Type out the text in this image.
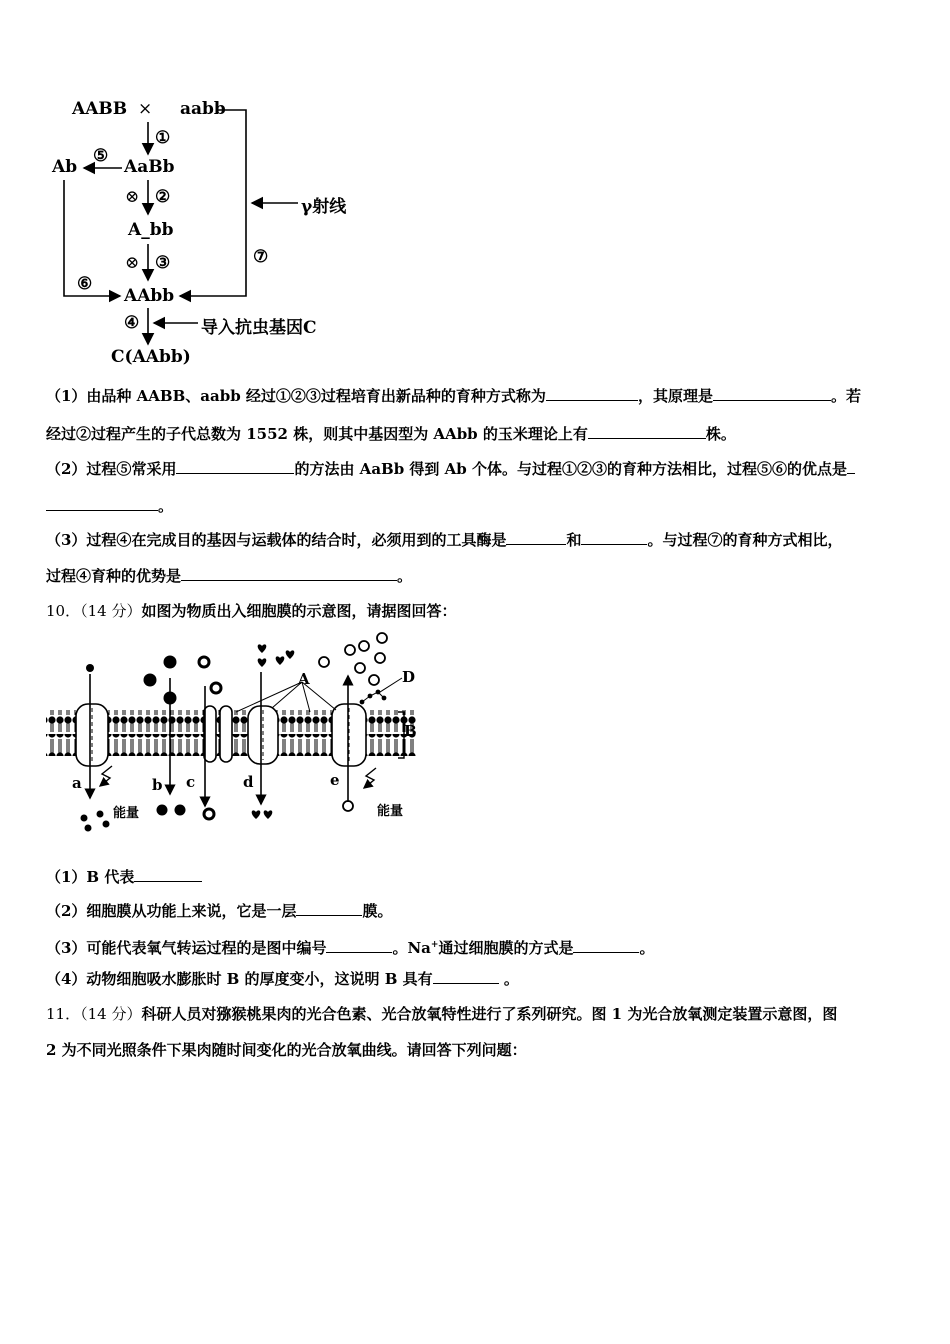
AABB × aabb
①
Ab
⑤
AaBb
⊗ ②	γ射线
A_bb
⊗ ③	⑦
⑥
AAbb
④	导入抗虫基因C
C(AAbb)
（1）由品种 AABB、aabb 经过①②③过程培育出新品种的育种方式称为	，其原理是	。若
经过②过程产生的子代总数为 1552 株，则其中基因型为 AAbb 的玉米理论上有	株。
（2）过程⑤常采用	的方法由 AaBb 得到 Ab 个体。与过程①②③的育种方法相比，过程⑤⑥的优点是
。
（3）过程④在完成目的基因与运载体的结合时，必须用到的工具酶是	和	。与过程⑦的育种方式相比，
过程④育种的优势是	。
10．（14 分）如图为物质出入细胞膜的示意图，请据图回答：
A
B
D
a	b c	d	e
能量	能量
（1）B 代表
（2）细胞膜从功能上来说，它是一层	膜。
（3）可能代表氧气转运过程的是图中编号	。Na+通过细胞膜的方式是	。
（4）动物细胞吸水膨胀时 B 的厚度变小，这说明 B 具有	。
11．（14 分）科研人员对猕猴桃果肉的光合色素、光合放氧特性进行了系列研究。图 1 为光合放氧测定装置示意图，图
2 为不同光照条件下果肉随时间变化的光合放氧曲线。请回答下列问题：
